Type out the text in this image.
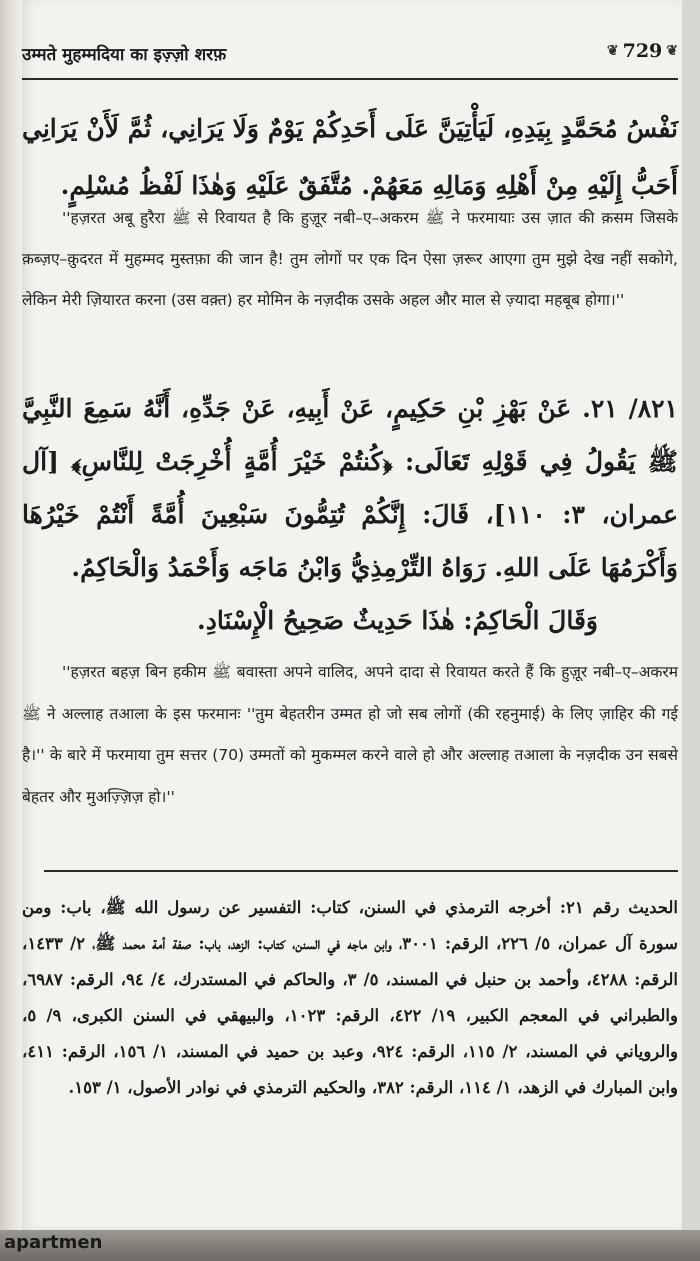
उम्मते मुहम्मदिया का इज़्ज़ो शरफ़	❦ 729 ❦
نَفْسُ مُحَمَّدٍ بِيَدِهِ، لَيَأْتِيَنَّ عَلَى أَحَدِكُمْ يَوْمٌ وَلَا يَرَانِي، ثُمَّ لَأَنْ يَرَانِي أَحَبُّ إِلَيْهِ مِنْ أَهْلِهِ وَمَالِهِ مَعَهُمْ. مُتَّفَقٌ عَلَيْهِ وَهٰذَا لَفْظُ مُسْلِمٍ.
''हज़रत अबू हुरैरा ﷺ से रिवायत है कि हुज़ूर नबी–ए–अकरम ﷺ ने फरमायाः उस ज़ात की क़सम जिसके क़ब्ज़ए–क़ुदरत में मुहम्मद मुस्तफ़ा की जान है! तुम लोगों पर एक दिन ऐसा ज़रूर आएगा तुम मुझे देख नहीं सकोगे, लेकिन मेरी ज़ियारत करना (उस वक़्त) हर मोमिन के नज़दीक उसके अहल और माल से ज़्यादा महबूब होगा।''
٨٢١/ ٢١. عَنْ بَهْزِ بْنِ حَكِيمٍ، عَنْ أَبِيهِ، عَنْ جَدِّهِ، أَنَّهُ سَمِعَ النَّبِيَّ ﷺ يَقُولُ فِي قَوْلِهِ تَعَالَى: ﴿كُنتُمْ خَيْرَ أُمَّةٍ أُخْرِجَتْ لِلنَّاسِ﴾ [آل عمران، ٣: ١١٠]، قَالَ: إِنَّكُمْ تُتِمُّونَ سَبْعِينَ أُمَّةً أَنْتُمْ خَيْرُهَا وَأَكْرَمُهَا عَلَى اللهِ. رَوَاهُ التِّرْمِذِيُّ وَابْنُ مَاجَه وَأَحْمَدُ وَالْحَاكِمُ.
وَقَالَ الْحَاكِمُ: هٰذَا حَدِيثٌ صَحِيحُ الْإِسْنَادِ.
''हज़रत बहज़ बिन हकीम ﷺ बवास्ता अपने वालिद, अपने दादा से रिवायत करते हैं कि हुज़ूर नबी–ए–अकरम ﷺ ने अल्लाह तआला के इस फरमानः ''तुम बेहतरीन उम्मत हो जो सब लोगों (की रहनुमाई) के लिए ज़ाहिर की गई है।'' के बारे में फरमाया तुम सत्तर (70) उम्मतों को मुकम्मल करने वाले हो और अल्लाह तआला के नज़दीक उन सबसे बेहतर और मुअज़्ज़िज़ हो।''
الحديث رقم ٢١: أخرجه الترمذي في السنن، كتاب: التفسير عن رسول الله ﷺ، باب: ومن سورة آل عمران، ٥/ ٢٢٦، الرقم: ٣٠٠١، وابن ماجه في السنن، كتاب: الزهد، باب: صفة أمة محمد ﷺ، ٢/ ١٤٣٣، الرقم: ٤٢٨٨، وأحمد بن حنبل في المسند، ٥/ ٣، والحاكم في المستدرك، ٤/ ٩٤، الرقم: ٦٩٨٧، والطبراني في المعجم الكبير، ١٩/ ٤٢٢، الرقم: ١٠٢٣، والبيهقي في السنن الكبرى، ٩/ ٥، والروياني في المسند، ٢/ ١١٥، الرقم: ٩٢٤، وعبد بن حميد في المسند، ١/ ١٥٦، الرقم: ٤١١، وابن المبارك في الزهد، ١/ ١١٤، الرقم: ٣٨٢، والحكيم الترمذي في نوادر الأصول، ١/ ١٥٣.
apartmen
